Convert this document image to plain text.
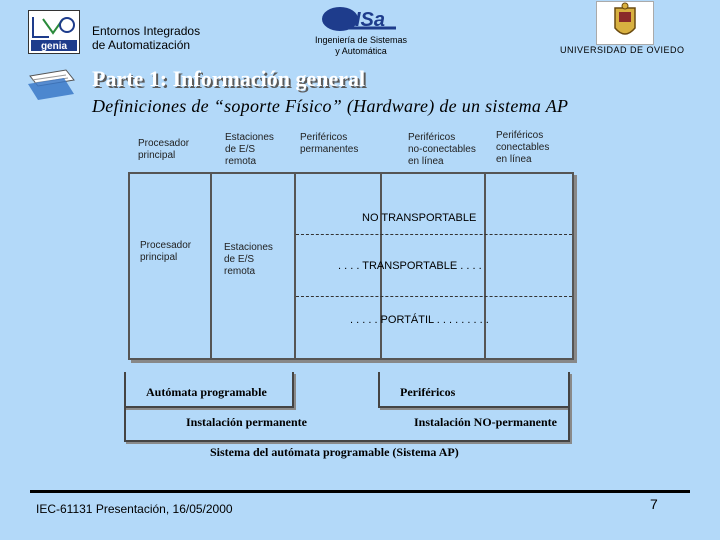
genia
Entornos Integrados
de Automatización
ISa
Ingeniería de Sistemas
y Automática	UNIVERSIDAD DE OVIEDO
Parte 1: Información general
Definiciones de “soporte Físico” (Hardware) de un sistema AP
Procesador
principal
Estaciones
de E/S
remota
Periféricos
permanentes
Periféricos
no-conectables
en línea
Periféricos
conectables
en línea
Procesador
principal
Estaciones
de E/S
remota
NO TRANSPORTABLE
. . . . TRANSPORTABLE . . . .
. . . . . PORTÁTIL . . . . . . . . .
Autómata programable	Periféricos
Instalación permanente	Instalación NO-permanente
Sistema del autómata programable (Sistema AP)
IEC-61131 Presentación, 16/05/2000	7
